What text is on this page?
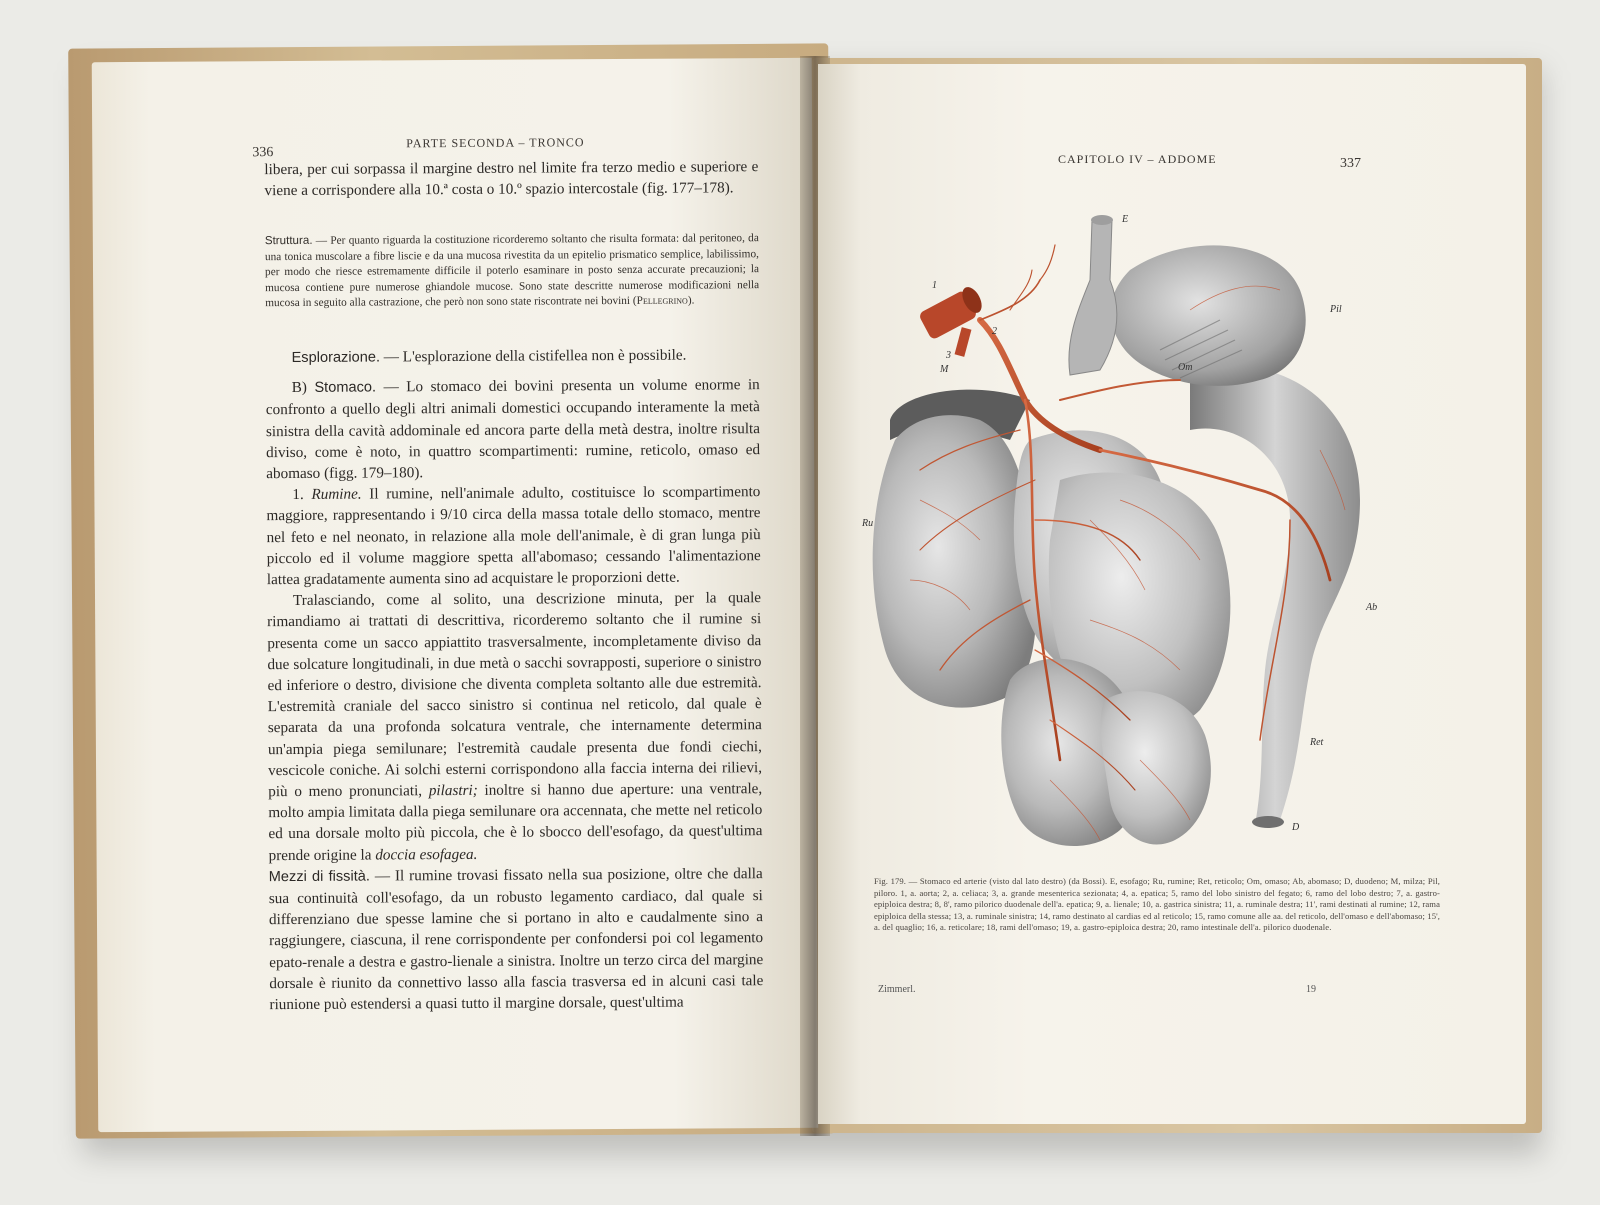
336
PARTE SECONDA – TRONCO

libera, per cui sorpassa il margine destro nel limite fra terzo medio e superiore e viene a corrispondere alla 10.ª costa o 10.º spazio intercostale (fig. 177–178).

Struttura. — Per quanto riguarda la costituzione ricorderemo soltanto che risulta formata: dal peritoneo, da una tonica muscolare a fibre liscie e da una mucosa rivestita da un epitelio prismatico semplice, labilissimo, per modo che riesce estremamente difficile il poterlo esaminare in posto senza accurate precauzioni; la mucosa contiene pure numerose ghiandole mucose. Sono state descritte numerose modificazioni nella mucosa in seguito alla castrazione, che però non sono state riscontrate nei bovini (Pellegrino).

Esplorazione. — L'esplorazione della cistifellea non è possibile.

B) Stomaco. — Lo stomaco dei bovini presenta un volume enorme in confronto a quello degli altri animali domestici occupando interamente la metà sinistra della cavità addominale ed ancora parte della metà destra, inoltre risulta diviso, come è noto, in quattro scompartimenti: rumine, reticolo, omaso ed abomaso (figg. 179–180).

1. Rumine. Il rumine, nell'animale adulto, costituisce lo scompartimento maggiore, rappresentando i 9/10 circa della massa totale dello stomaco, mentre nel feto e nel neonato, in relazione alla mole dell'animale, è di gran lunga più piccolo ed il volume maggiore spetta all'abomaso; cessando l'alimentazione lattea gradatamente aumenta sino ad acquistare le proporzioni dette.

Tralasciando, come al solito, una descrizione minuta, per la quale rimandiamo ai trattati di descrittiva, ricorderemo soltanto che il rumine si presenta come un sacco appiattito trasversalmente, incompletamente diviso da due solcature longitudinali, in due metà o sacchi sovrapposti, superiore o sinistro ed inferiore o destro, divisione che diventa completa soltanto alle due estremità. L'estremità craniale del sacco sinistro si continua nel reticolo, dal quale è separata da una profonda solcatura ventrale, che internamente determina un'ampia piega semilunare; l'estremità caudale presenta due fondi ciechi, vescicole coniche. Ai solchi esterni corrispondono alla faccia interna dei rilievi, più o meno pronunciati, pilastri; inoltre si hanno due aperture: una ventrale, molto ampia limitata dalla piega semilunare ora accennata, che mette nel reticolo ed una dorsale molto più piccola, che è lo sbocco dell'esofago, da quest'ultima prende origine la doccia esofagea.

Mezzi di fissità. — Il rumine trovasi fissato nella sua posizione, oltre che dalla sua continuità coll'esofago, da un robusto legamento cardiaco, dal quale si differenziano due spesse lamine che si portano in alto e caudalmente sino a raggiungere, ciascuna, il rene corrispondente per confondersi poi col legamento epato-renale a destra e gastro-lienale a sinistra. Inoltre un terzo circa del margine dorsale è riunito da connettivo lasso alla fascia trasversa ed in alcuni casi tale riunione può estendersi a quasi tutto il margine dorsale, quest'ultima

CAPITOLO IV – ADDOME	337
Fig. 179. — Stomaco ed arterie (visto dal lato destro) (da Bossi). E, esofago; Ru, rumine; Ret, reticolo; Om, omaso; Ab, abomaso; D, duodeno; M, milza; Pil, piloro. 1, a. aorta; 2, a. celiaca; 3, a. grande mesenterica sezionata; 4, a. epatica; 5, ramo del lobo sinistro del fegato; 6, ramo del lobo destro; 7, a. gastro-epiploica destra; 8, 8', ramo pilorico duodenale dell'a. epatica; 9, a. lienale; 10, a. gastrica sinistra; 11, a. ruminale destra; 11', rami destinati al rumine; 12, rama epiploica della stessa; 13, a. ruminale sinistra; 14, ramo destinato al cardias ed al reticolo; 15, ramo comune alle aa. del reticolo, dell'omaso e dell'abomaso; 15', a. del quaglio; 16, a. reticolare; 18, rami dell'omaso; 19, a. gastro-epiploica destra; 20, ramo intestinale dell'a. pilorico duodenale.
Zimmerl.	19
E
Pil
Om
Ru
Ab
Ret
D
1
2
3
M
